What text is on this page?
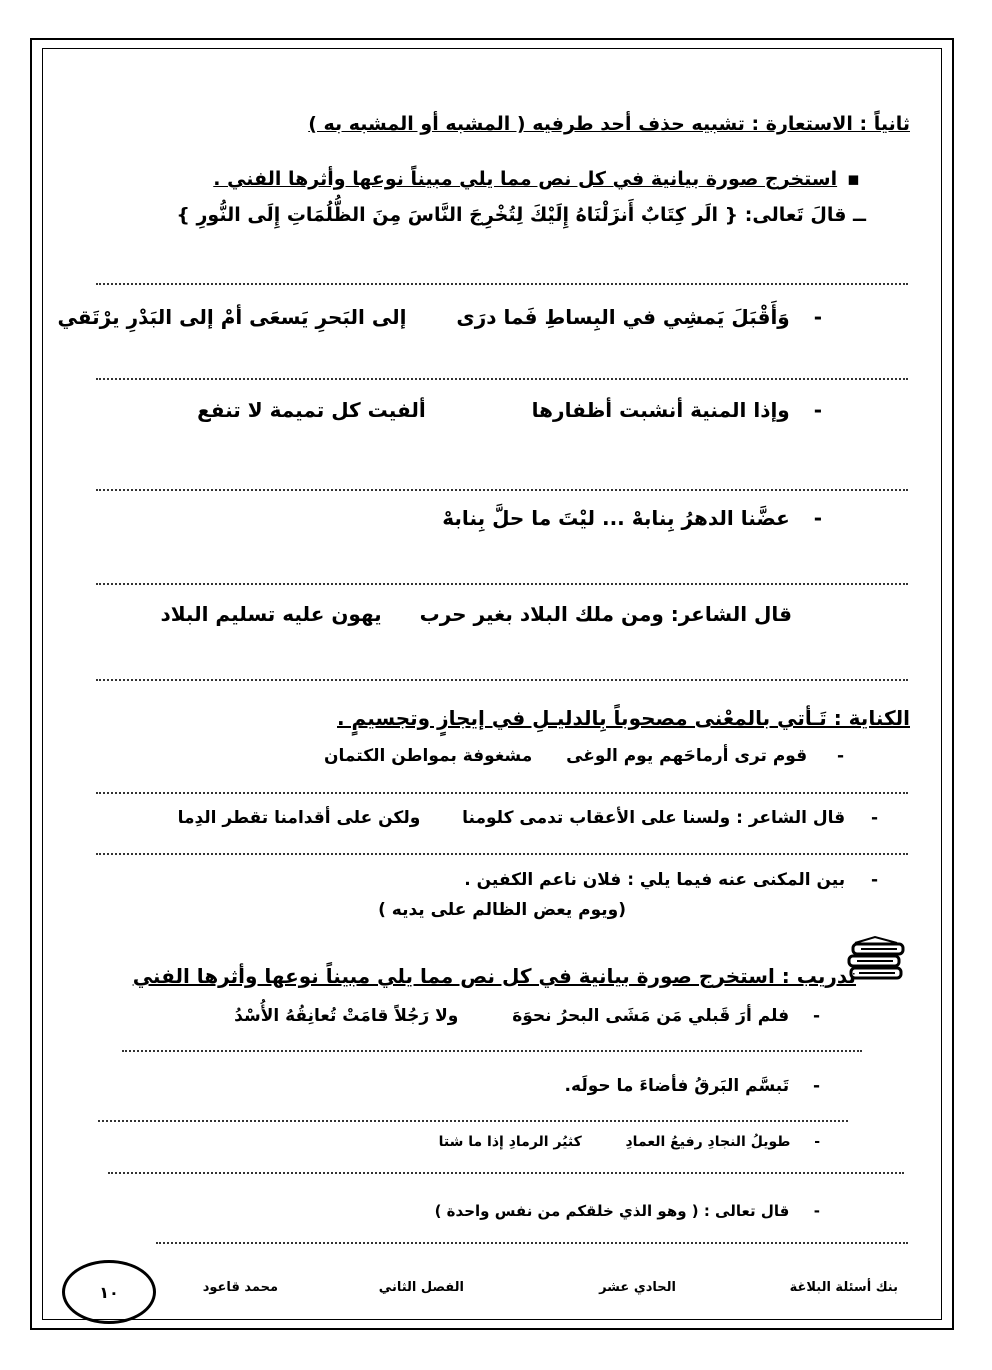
ثانياً : الاستعارة : تشبيه حذف أحد طرفيه ( المشبه أو المشبه به )
▪استخرج صورة بيانية في كل نص مما يلي مبيناً نوعها وأثرها الفني .
ــ قالَ تَعالى: { الَر كِتَابٌ أَنزَلْنَاهُ إِلَيْكَ لِتُخْرِجَ النَّاسَ مِنَ الظُّلُمَاتِ إِلَى النُّورِ }
-  وَأَقْبَلَ يَمشِي في البِساطِ فَما درَى  إلى البَحرِ يَسعَى أمْ إلى البَدْرِ يرْتَقي
-  وإذا المنية أنشبت أظفارها  ألفيت كل تميمة لا تنفع
-  عضَّنا الدهرُ بِنابهْ ... ليْتَ ما حلَّ بِنابهْ
قال الشاعر: ومن ملك البلاد بغير حرب  يهون عليه تسليم البلاد
الكناية : تَـأتي بالمعْنى مصحوباً بِالدليـلِ في إيجازٍ وتجسيمٍ .
-  قوم ترى أرماحَهم يوم الوغى  مشغوفة بمواطن الكتمان
-  قال الشاعر : ولسنا على الأعقاب تدمى كلومنا  ولكن على أقدامنا تقطر الدِما
-  بين المكنى عنه فيما يلي : فلان ناعم الكفين .
(ويوم يعض الظالم على يديه )
تدريب : استخرج صورة بيانية في كل نص مما يلي مبيناً نوعها وأثرها الفني
-  فلم أرَ قَبلي مَن مَشَى البحرُ نحوَهَ  ولا رَجُلاً قامَتْ تُعانِقُهُ الأُسْدُ
-  تَبسَّم البَرقُ فأضاءَ ما حولَه.
-  طويلُ النجادِ رفيعُ العمادِ  كثيُر الرمادِ إذا ما شتا
-  قال تعالى : ( وهو الذي خلقكم من نفس واحدة )
بنك أسئلة البلاغة
الحادي عشر
الفصل الثاني
محمد قاعود
١٠
